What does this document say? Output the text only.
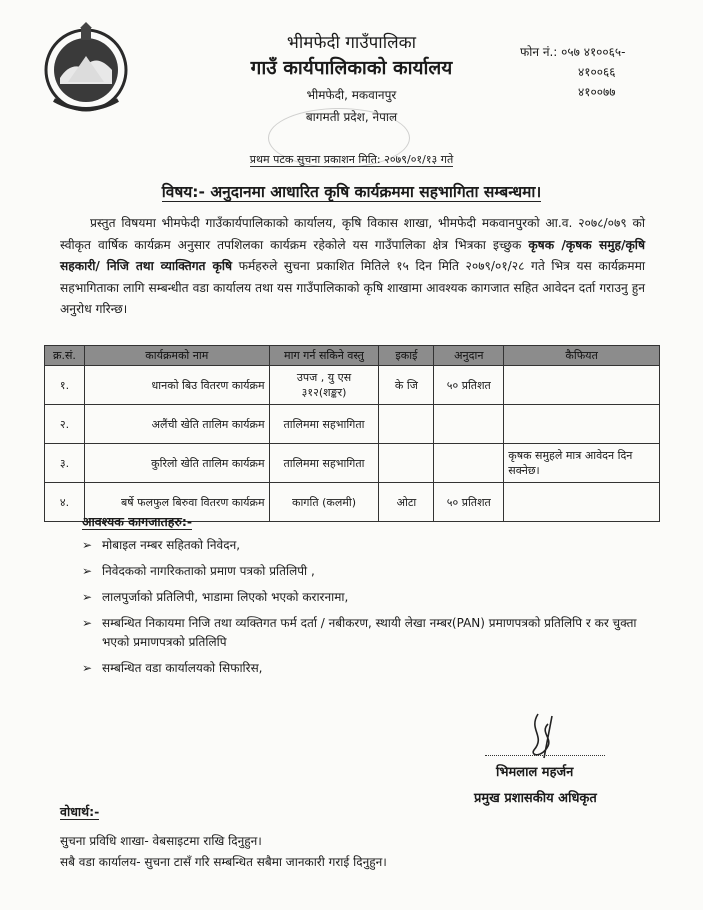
भीमफेदी गाउँपालिका
गाउँ कार्यपालिकाको कार्यालय
भीमफेदी, मकवानपुर
बागमती प्रदेश, नेपाल
फोन नं.: ०५७ ४१००६५-
४१००६६
४१००७७
प्रथम पटक सुचना प्रकाशन मिति: २०७९/०१/१३ गते
विषय:- अनुदानमा आधारित कृषि कार्यक्रममा सहभागिता सम्बन्धमा।
प्रस्तुत विषयमा भीमफेदी गाउँकार्यपालिकाको कार्यालय, कृषि विकास शाखा, भीमफेदी मकवानपुरको आ.व. २०७८/०७९ को स्वीकृत वार्षिक कार्यक्रम अनुसार तपशिलका कार्यक्रम रहेकोले यस गाउँपालिका क्षेत्र भित्रका इच्छुक कृषक /कृषक समुह/कृषि सहकारी/ निजि तथा व्याक्तिगत कृषि फर्महरुले सुचना प्रकाशित मितिले १५ दिन मिति २०७९/०१/२८ गते भित्र यस कार्यक्रममा सहभागिताका लागि सम्बन्धीत वडा कार्यालय तथा यस गाउँपालिकाको कृषि शाखामा आवश्यक कागजात सहित आवेदन दर्ता गराउनु हुन अनुरोध गरिन्छ।
क्र.सं.	कार्यक्रमको नाम	माग गर्न सकिने वस्तु	इकाई	अनुदान	कैफियत
१.	धानको बिउ वितरण कार्यक्रम	उपज , यु एस ३१२(शङ्कर)	के जि	५० प्रतिशत	
२.	अलैंची खेति तालिम कार्यक्रम	तालिममा सहभागिता			
३.	कुरिलो खेति तालिम कार्यक्रम	तालिममा सहभागिता			कृषक समुहले मात्र आवेदन दिन सक्नेछ।
४.	बर्षे फलफुल बिरुवा वितरण कार्यक्रम	कागति (कलमी)	ओटा	५० प्रतिशत	
आवश्यक कागजातहरु:-
➢ मोबाइल नम्बर सहितको निवेदन,
➢ निवेदकको नागरिकताको प्रमाण पत्रको प्रतिलिपी ,
➢ लालपुर्जाको प्रतिलिपी, भाडामा लिएको भएको करारनामा,
➢ सम्बन्धित निकायमा निजि तथा व्यक्तिगत फर्म दर्ता / नबीकरण, स्थायी लेखा नम्बर(PAN) प्रमाणपत्रको प्रतिलिपि र कर चुक्ता भएको प्रमाणपत्रको प्रतिलिपि
➢ सम्बन्धित वडा कार्यालयको सिफारिस,
भिमलाल महर्जन
प्रमुख प्रशासकीय अधिकृत
वोधार्थ:-
सुचना प्रविधि शाखा- वेबसाइटमा राखि दिनुहुन।
सबै वडा कार्यालय- सुचना टासँ गरि सम्बन्धित सबैमा जानकारी गराई दिनुहुन।
